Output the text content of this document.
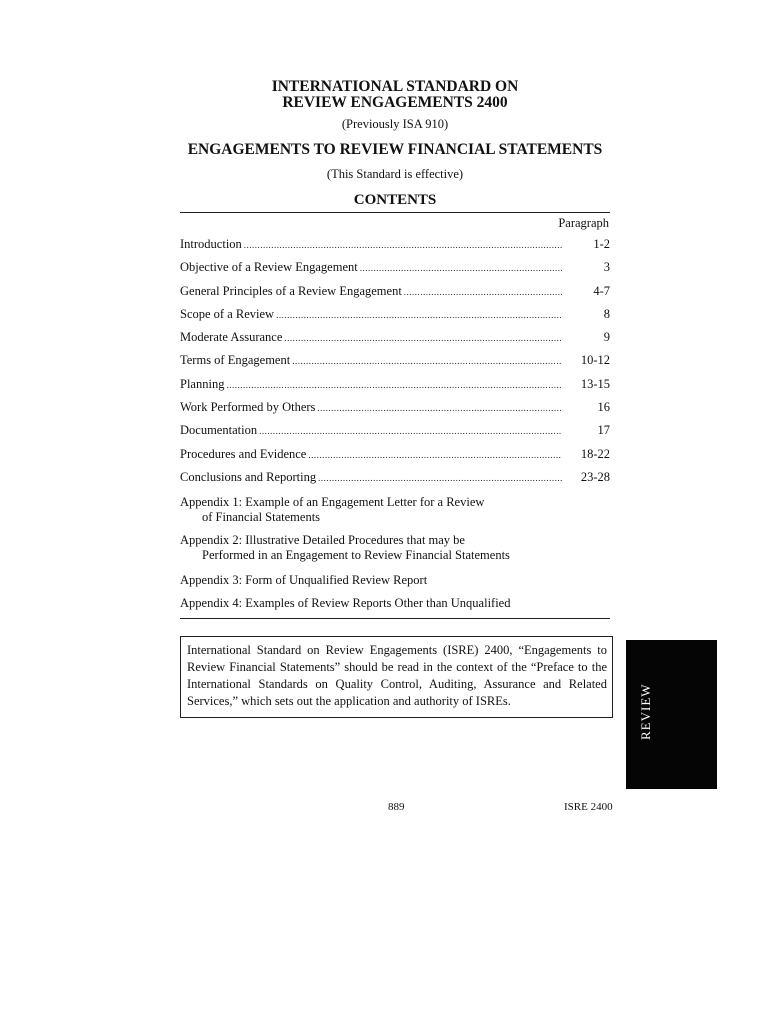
INTERNATIONAL STANDARD ON
REVIEW ENGAGEMENTS 2400
(Previously ISA 910)
ENGAGEMENTS TO REVIEW FINANCIAL STATEMENTS
(This Standard is effective)
CONTENTS
Paragraph
Introduction .....	1-2
Objective of a Review Engagement .....	3
General Principles of a Review Engagement .....	4-7
Scope of a Review .....	8
Moderate Assurance .....	9
Terms of Engagement .....	10-12
Planning .....	13-15
Work Performed by Others .....	16
Documentation .....	17
Procedures and Evidence .....	18-22
Conclusions and Reporting .....	23-28
Appendix 1: Example of an Engagement Letter for a Review
of Financial Statements
Appendix 2: Illustrative Detailed Procedures that may be
Performed in an Engagement to Review Financial Statements
Appendix 3: Form of Unqualified Review Report
Appendix 4: Examples of Review Reports Other than Unqualified
International Standard on Review Engagements (ISRE) 2400, “Engagements to Review Financial Statements” should be read in the context of the “Preface to the International Standards on Quality Control, Auditing, Assurance and Related Services,” which sets out the application and authority of ISREs.	REVIEW
889	ISRE 2400
